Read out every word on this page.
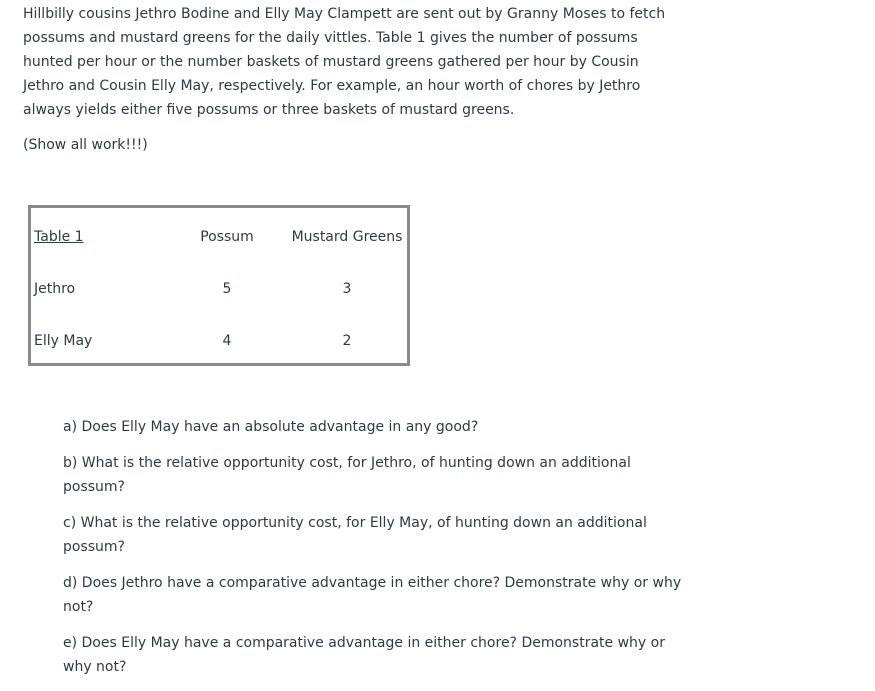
Hillbilly cousins Jethro Bodine and Elly May Clampett are sent out by Granny Moses to fetch possums and mustard greens for the daily vittles. Table 1 gives the number of possums hunted per hour or the number baskets of mustard greens gathered per hour by Cousin Jethro and Cousin Elly May, respectively. For example, an hour worth of chores by Jethro always yields either five possums or three baskets of mustard greens.

(Show all work!!!)

Table 1	Possum	Mustard Greens
Jethro	5	3
Elly May	4	2

a) Does Elly May have an absolute advantage in any good?

b) What is the relative opportunity cost, for Jethro, of hunting down an additional possum?

c) What is the relative opportunity cost, for Elly May, of hunting down an additional possum?

d) Does Jethro have a comparative advantage in either chore? Demonstrate why or why not?

e) Does Elly May have a comparative advantage in either chore? Demonstrate why or why not?
